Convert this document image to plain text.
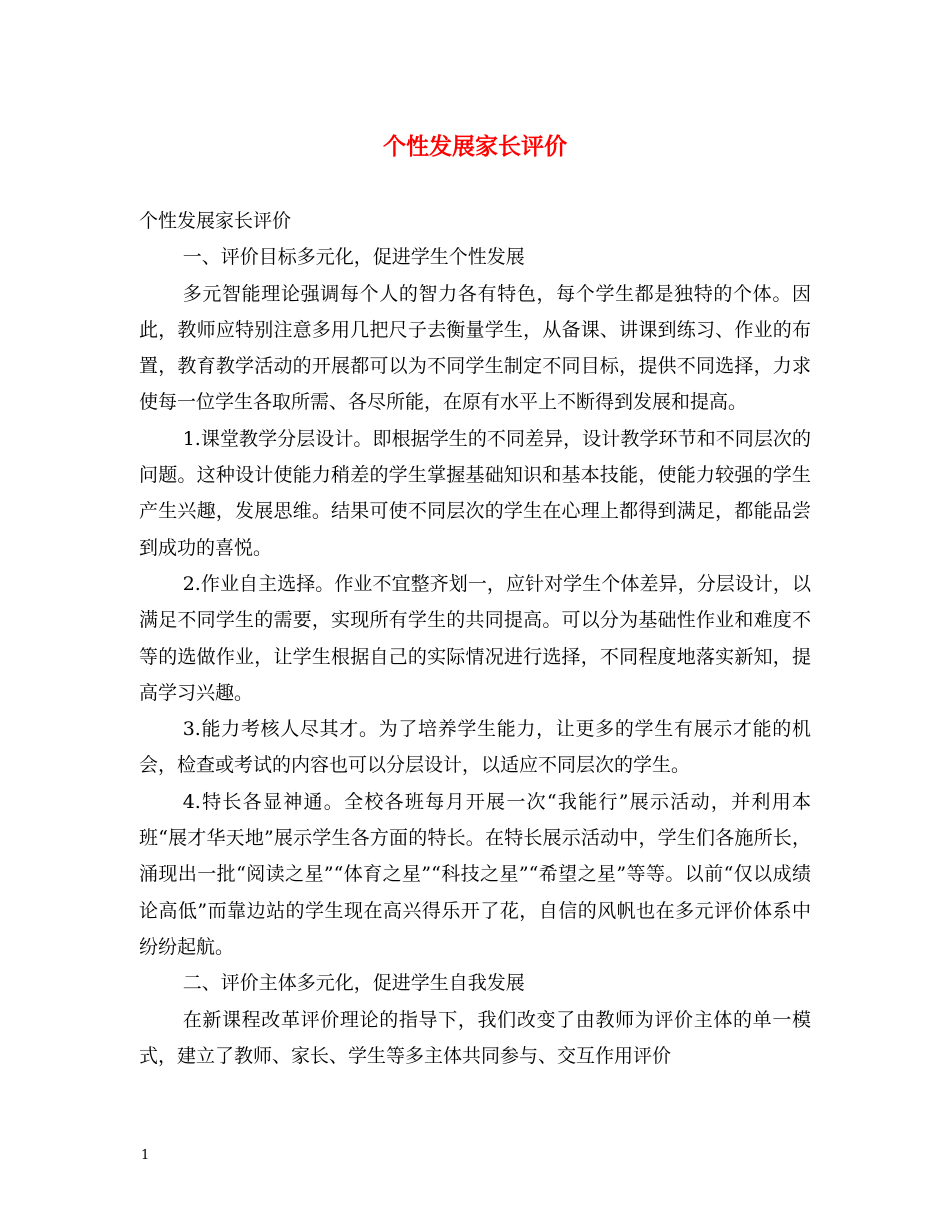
个性发展家长评价

个性发展家长评价

一、评价目标多元化，促进学生个性发展

多元智能理论强调每个人的智力各有特色，每个学生都是独特的个体。因此，教师应特别注意多用几把尺子去衡量学生，从备课、讲课到练习、作业的布置，教育教学活动的开展都可以为不同学生制定不同目标，提供不同选择，力求使每一位学生各取所需、各尽所能，在原有水平上不断得到发展和提高。

1.课堂教学分层设计。即根据学生的不同差异，设计教学环节和不同层次的问题。这种设计使能力稍差的学生掌握基础知识和基本技能，使能力较强的学生产生兴趣，发展思维。结果可使不同层次的学生在心理上都得到满足，都能品尝到成功的喜悦。

2.作业自主选择。作业不宜整齐划一，应针对学生个体差异，分层设计，以满足不同学生的需要，实现所有学生的共同提高。可以分为基础性作业和难度不等的选做作业，让学生根据自己的实际情况进行选择，不同程度地落实新知，提高学习兴趣。

3.能力考核人尽其才。为了培养学生能力，让更多的学生有展示才能的机会，检查或考试的内容也可以分层设计，以适应不同层次的学生。

4.特长各显神通。全校各班每月开展一次“我能行”展示活动，并利用本班“展才华天地”展示学生各方面的特长。在特长展示活动中，学生们各施所长，涌现出一批“阅读之星”“体育之星”“科技之星”“希望之星”等等。以前“仅以成绩论高低”而靠边站的学生现在高兴得乐开了花，自信的风帆也在多元评价体系中纷纷起航。

二、评价主体多元化，促进学生自我发展

在新课程改革评价理论的指导下，我们改变了由教师为评价主体的单一模式，建立了教师、家长、学生等多主体共同参与、交互作用评价

1
